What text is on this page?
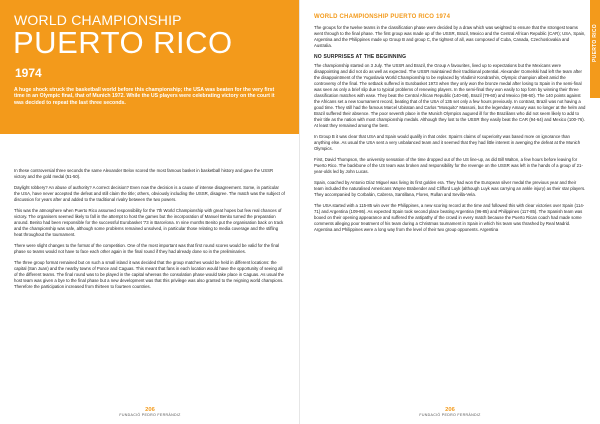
WORLD CHAMPIONSHIP
PUERTO RICO
1974
A huge shock struck the basketball world before this championship; the USA was beaten for the very first time in an Olympic final, that of Munich 1972. While the US players were celebrating victory on the court it was decided to repeat the last three seconds.

In these controversial three seconds the same Alexander Belov scored the most famous basket in basketball history and gave the USSR victory and the gold medal (51-50).

Daylight robbery? An abuse of authority? A correct decision? Even now the decision is a cause of intense disagreement. Some, in particular the USA, have never accepted the defeat and still claim the title; others, obviously including the USSR, disagree. The match was the subject of discussion for years after and added to the traditional rivalry between the two powers.

This was the atmosphere when Puerto Rico assumed responsibility for the 7th World Championship with great hopes but few real chances of victory. The organisers seemed likely to fall in the attempt to host the games but the incorporation of Manuel Benito turned the preparation around. Benito had been responsible for the successful Eurobasket '73 in Barcelona. In nine months Benito put the organisation back on track and the championship was safe, although some problems remained unsolved, in particular those relating to media coverage and the stifling heat throughout the tournament.

There were slight changes to the format of the competition. One of the most important was that first round scores would be valid for the final phase so teams would not have to face each other again in the final round if they had already done so in the preliminaries.

The three group format remained but on such a small island it was decided that the group matches would be held in different locations: the capital (San Juan) and the nearby towns of Ponce and Caguas. This meant that fans in each location would have the opportunity of seeing all of the different teams. The final round was to be played in the capital whereas the consolation phase would take place in Caguas. As usual the host team was given a bye to the final phase but a new development was that this privilege was also granted to the reigning world champions. Therefore the participation increased from thirteen to fourteen countries.

206
FUNDACIÓ PEDRO FERRÁNDIZ
WORLD CHAMPIONSHIP PUERTO RICO 1974
PUERTO RICO

The groups for the twelve teams in the classification phase were decided by a draw which was weighted to ensure that the strongest teams went through to the final phase. The first group was made up of the USSR, Brazil, Mexico and the Central African Republic (CAR); USA, Spain, Argentina and the Philippines made up Group B and group C, the tightest of all, was composed of Cuba, Canada, Czechoslovakia and Australia.

NO SURPRISES AT THE BEGINNING

The championship started on 3 July. The USSR and Brazil, the Group A favourites, lived up to expectations but the Mexicans were disappointing and did not do as well as expected. The USSR maintained their traditional potential. Alexander Gomelski had left the team after the disappointment of the Yugoslavia World Championship to be replaced by Vladimir Kondrashin, Olympic champion albeit amid the controversy of the final. The setback suffered in Eurobasket 1973 when they only won the bronze medal after losing to Spain in the semi-final was seen as only a brief slip due to typical problems of renewing players. In the semi-final they won easily to top form by winning their three classification matches with ease. They beat the Central African Republic (140-68), Brazil (79-60) and Mexico (98-60). The 140 points against the Africans set a new tournament record, beating that of the USA of 135 set only a few hours previously. In contrast, Brazil was not having a good time. They still had the famous Marcel Ubiratan and Carlos "Mosquito" Massoni, but the legendary Amaury was no longer at the helm and Brazil suffered their absence. The poor seventh place in the Munich Olympics augured ill for the Brazilians who did not seem likely to add to their title as the nation with most championship medals. Although they lost to the USSR they easily beat the CAR (94-64) and Mexico (100-76). At least they remained among the best.

In Group B it was clear that USA and Spain would qualify in that order. Spain's claims of superiority was based more on ignorance than anything else. As usual the USA sent a very unbalanced team and it seemed that they had little interest in avenging the defeat at the Munich Olympics.

First, David Thompson, the university sensation of the time dropped out of the US line-up, as did Bill Walton, a few hours before leaving for Puerto Rico. The backbone of the US team was broken and responsibility for the revenge on the USSR was left in the hands of a group of 21-year-olds led by John Lucas.

Spain, coached by Antonio Díaz Miguel was living its first golden era. They had won the European silver medal the previous year and their team included the naturalised Americans Wayne Brabender and Clifford Luyk (although Luyk was carrying an ankle injury) as their star players. They accompanied by Corbalán, Cabrera, Santillana, Flores, Rullan and Sevilla-Vela.

The USA started with a 115-85 win over the Philippines, a new scoring record at the time and followed this with clear victories over Spain (114-71) and Argentina (109-86). As expected Spain took second place beating Argentina (96-85) and Philippines (117-85). The Spanish team was booed on their opening appearance and suffered the antipathy of the crowd in every match because the Puerto Rican coach had made some comments alleging poor treatment of his team during a Christmas tournament in Spain in which his team was thrashed by Real Madrid. Argentina and Philippines were a long way from the level of their two group opponents. Argentina

206
FUNDACIÓ PEDRO FERRÁNDIZ
